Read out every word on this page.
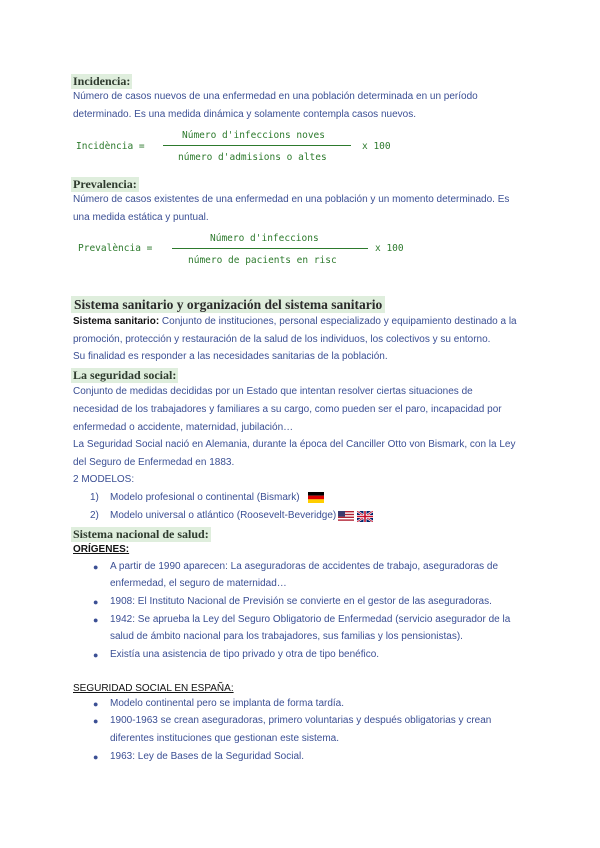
Incidencia:
Número de casos nuevos de una enfermedad en una población determinada en un período
determinado. Es una medida dinámica y solamente contempla casos nuevos.
Incidència =
Número d'infeccions noves
número d'admisions o altes
x 100
Prevalencia:
Número de casos existentes de una enfermedad en una población y un momento determinado. Es
una medida estática y puntual.
Prevalència =
Número d'infeccions
número de pacients en risc
x 100
Sistema sanitario y organización del sistema sanitario
Sistema sanitario: Conjunto de instituciones, personal especializado y equipamiento destinado a la
promoción, protección y restauración de la salud de los individuos, los colectivos y su entorno.
Su finalidad es responder a las necesidades sanitarias de la población.
La seguridad social:
Conjunto de medidas decididas por un Estado que intentan resolver ciertas situaciones de
necesidad de los trabajadores y familiares a su cargo, como pueden ser el paro, incapacidad por
enfermedad o accidente, maternidad, jubilación…
La Seguridad Social nació en Alemania, durante la época del Canciller Otto von Bismark, con la Ley
del Seguro de Enfermedad en 1883.
2 MODELOS:
1) Modelo profesional o continental (Bismark)
2) Modelo universal o atlántico (Roosevelt-Beveridge)
Sistema nacional de salud:
ORÍGENES:
● A partir de 1990 aparecen: La aseguradoras de accidentes de trabajo, aseguradoras de
enfermedad, el seguro de maternidad…
● 1908: El Instituto Nacional de Previsión se convierte en el gestor de las aseguradoras.
● 1942: Se aprueba la Ley del Seguro Obligatorio de Enfermedad (servicio asegurador de la
salud de ámbito nacional para los trabajadores, sus familias y los pensionistas).
● Existía una asistencia de tipo privado y otra de tipo benéfico.
SEGURIDAD SOCIAL EN ESPAÑA:
● Modelo continental pero se implanta de forma tardía.
● 1900-1963 se crean aseguradoras, primero voluntarias y después obligatorias y crean
diferentes instituciones que gestionan este sistema.
● 1963: Ley de Bases de la Seguridad Social.
